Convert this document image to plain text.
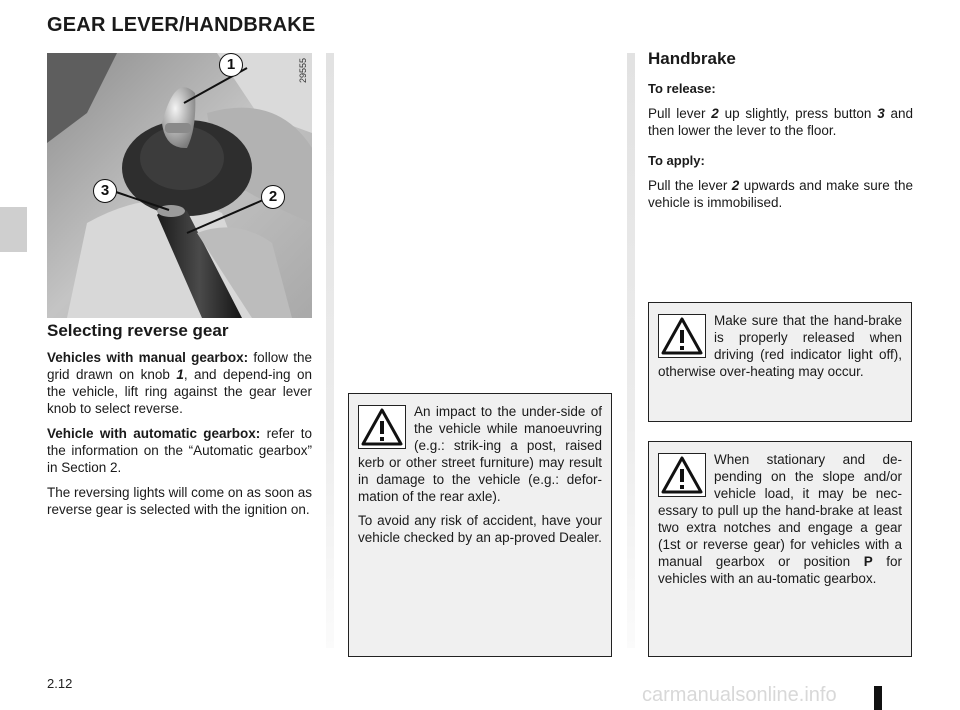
GEAR LEVER/HANDBRAKE
1
3	2
29555
Selecting reverse gear

Vehicles with manual gearbox: follow the grid drawn on knob 1, and depend-ing on the vehicle, lift ring against the gear lever knob to select reverse.

Vehicle with automatic gearbox: refer to the information on the “Automatic gearbox” in Section 2.

The reversing lights will come on as soon as reverse gear is selected with the ignition on.

Handbrake
To release:

Pull lever 2 up slightly, press button 3 and then lower the lever to the floor.

To apply:

Pull the lever 2 upwards and make sure the vehicle is immobilised.

An impact to the under-side of the vehicle while manoeuvring (e.g.: strik-ing a post, raised kerb or other street furniture) may result in damage to the vehicle (e.g.: defor-mation of the rear axle).

To avoid any risk of accident, have your vehicle checked by an ap-proved Dealer.

Make sure that the hand-brake is properly released when driving (red indicator light off), otherwise over-heating may occur.

When stationary and de-pending on the slope and/or vehicle load, it may be nec-essary to pull up the hand-brake at least two extra notches and engage a gear (1st or reverse gear) for vehicles with a manual gearbox or position P for vehicles with an au-tomatic gearbox.

2.12
carmanualsonline.info
